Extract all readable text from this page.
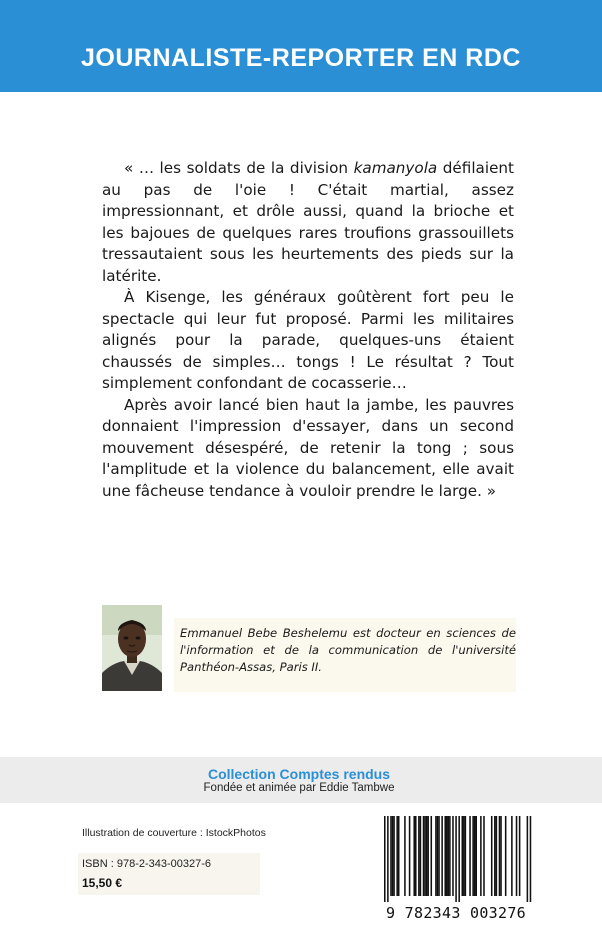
JOURNALISTE-REPORTER EN RDC

« … les soldats de la division kamanyola défilaient au pas de l'oie ! C'était martial, assez impressionnant, et drôle aussi, quand la brioche et les bajoues de quelques rares troufions grassouillets tressautaient sous les heurtements des pieds sur la latérite.

À Kisenge, les généraux goûtèrent fort peu le spectacle qui leur fut proposé. Parmi les militaires alignés pour la parade, quelques-uns étaient chaussés de simples… tongs ! Le résultat ? Tout simplement confondant de cocasserie…

Après avoir lancé bien haut la jambe, les pauvres donnaient l'impression d'essayer, dans un second mouvement désespéré, de retenir la tong ; sous l'amplitude et la violence du balancement, elle avait une fâcheuse tendance à vouloir prendre le large. »

Emmanuel Bebe Beshelemu est docteur en sciences de l'information et de la communication de l'université Panthéon-Assas, Paris II.
Collection Comptes rendus
Fondée et animée par Eddie Tambwe
Illustration de couverture : IstockPhotos
ISBN : 978-2-343-00327-6
15,50 €
9 782343 003276
